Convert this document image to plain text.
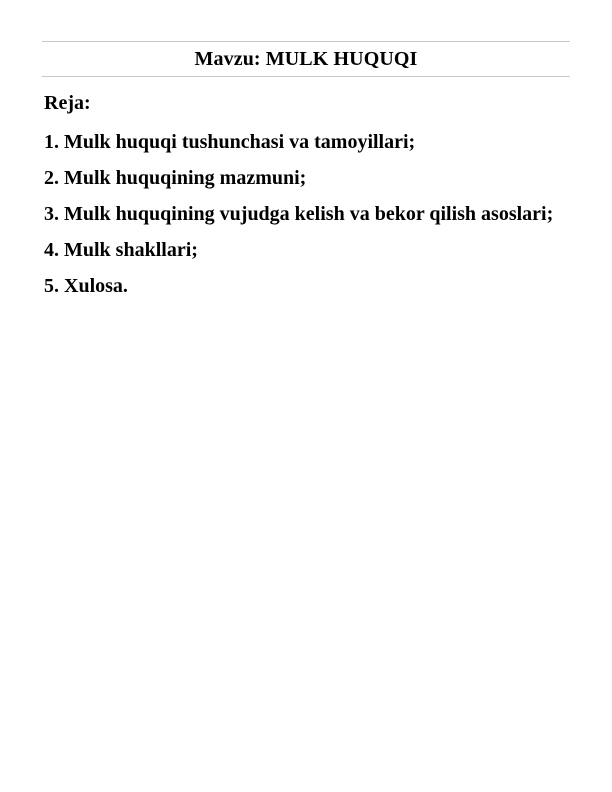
Mavzu: MULK HUQUQI
Reja:
1. Mulk huquqi tushunchasi va tamoyillari;
2. Mulk huquqining mazmuni;
3. Mulk huquqining vujudga kelish va bekor qilish asoslari;
4. Mulk shakllari;
5. Xulosa.
